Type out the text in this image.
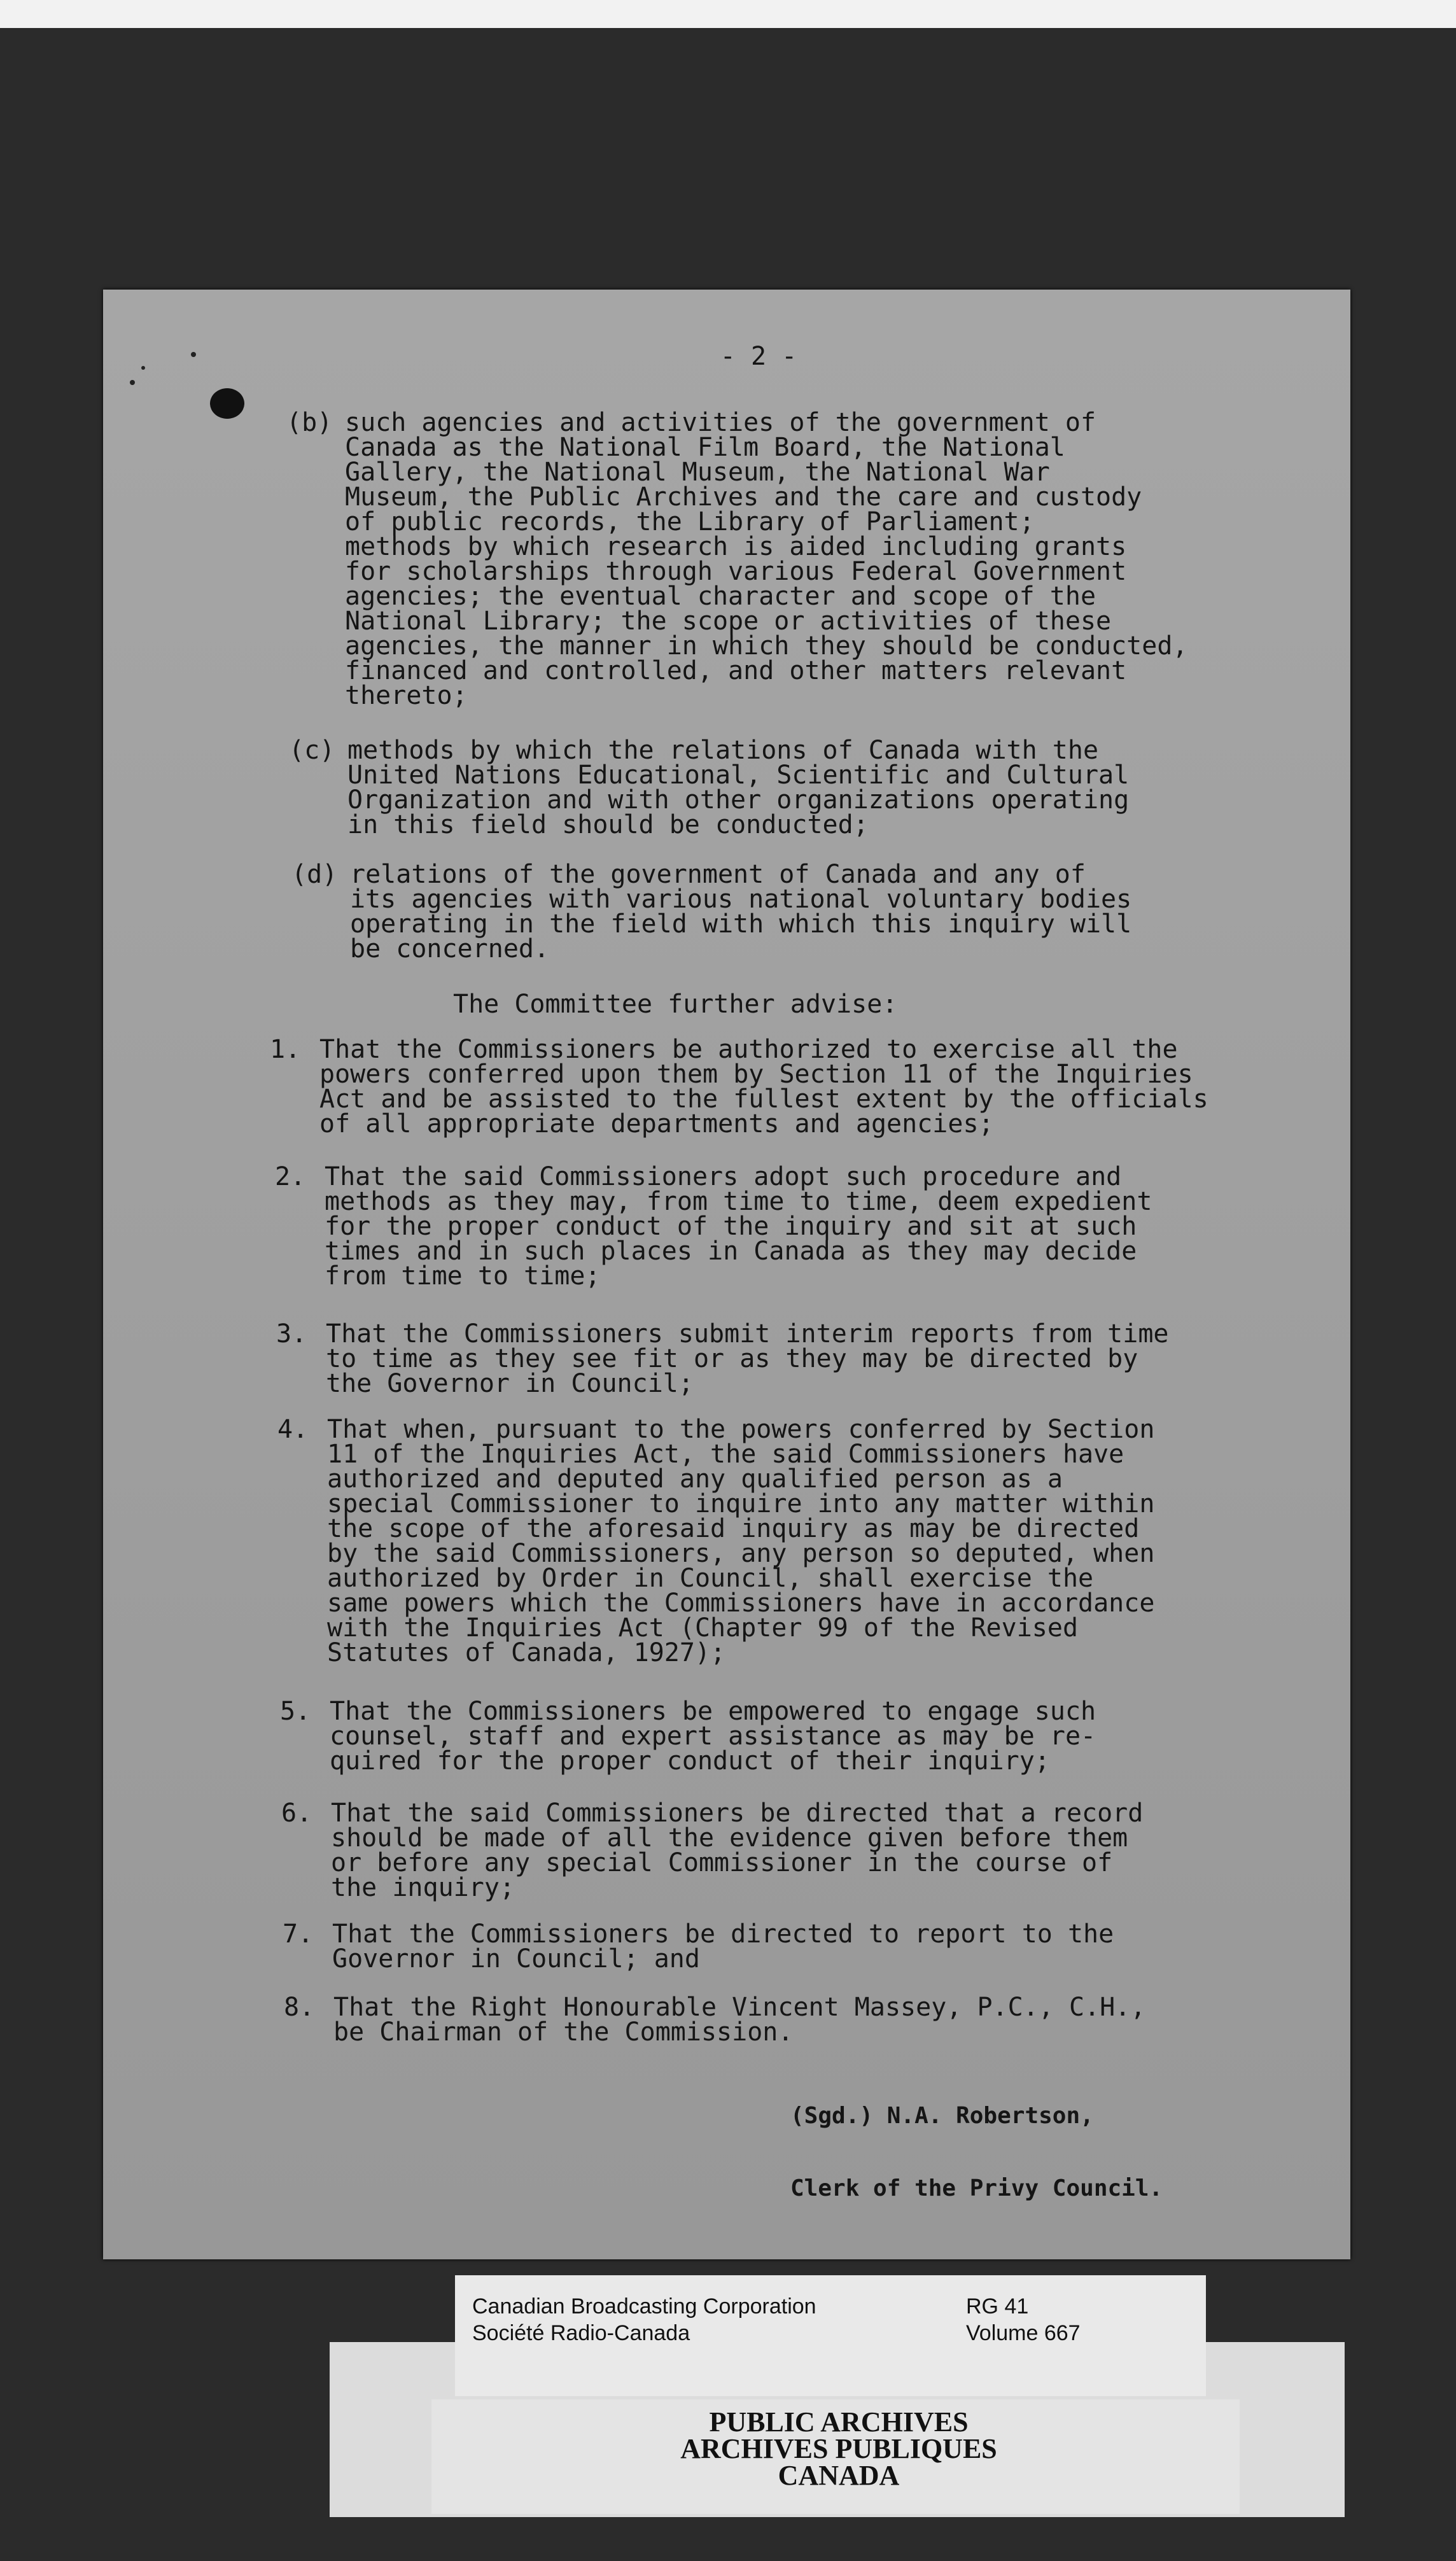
- 2 -
(b) such agencies and activities of the government of
Canada as the National Film Board, the National
Gallery, the National Museum, the National War
Museum, the Public Archives and the care and custody
of public records, the Library of Parliament;
methods by which research is aided including grants
for scholarships through various Federal Government
agencies; the eventual character and scope of the
National Library; the scope or activities of these
agencies, the manner in which they should be conducted,
financed and controlled, and other matters relevant
thereto;
(c) methods by which the relations of Canada with the
United Nations Educational, Scientific and Cultural
Organization and with other organizations operating
in this field should be conducted;
(d) relations of the government of Canada and any of
its agencies with various national voluntary bodies
operating in the field with which this inquiry will
be concerned.
The Committee further advise:
1. That the Commissioners be authorized to exercise all the
powers conferred upon them by Section 11 of the Inquiries
Act and be assisted to the fullest extent by the officials
of all appropriate departments and agencies;
2. That the said Commissioners adopt such procedure and
methods as they may, from time to time, deem expedient
for the proper conduct of the inquiry and sit at such
times and in such places in Canada as they may decide
from time to time;
3. That the Commissioners submit interim reports from time
to time as they see fit or as they may be directed by
the Governor in Council;
4. That when, pursuant to the powers conferred by Section
11 of the Inquiries Act, the said Commissioners have
authorized and deputed any qualified person as a
special Commissioner to inquire into any matter within
the scope of the aforesaid inquiry as may be directed
by the said Commissioners, any person so deputed, when
authorized by Order in Council, shall exercise the
same powers which the Commissioners have in accordance
with the Inquiries Act (Chapter 99 of the Revised
Statutes of Canada, 1927);
5. That the Commissioners be empowered to engage such
counsel, staff and expert assistance as may be re-
quired for the proper conduct of their inquiry;
6. That the said Commissioners be directed that a record
should be made of all the evidence given before them
or before any special Commissioner in the course of
the inquiry;
7. That the Commissioners be directed to report to the
Governor in Council; and
8. That the Right Honourable Vincent Massey, P.C., C.H.,
be Chairman of the Commission.

(Sgd.) N.A. Robertson,

Clerk of the Privy Council.

Canadian Broadcasting Corporation
Société Radio-Canada
RG 41
Volume 667
PUBLIC ARCHIVES
ARCHIVES PUBLIQUES
CANADA
